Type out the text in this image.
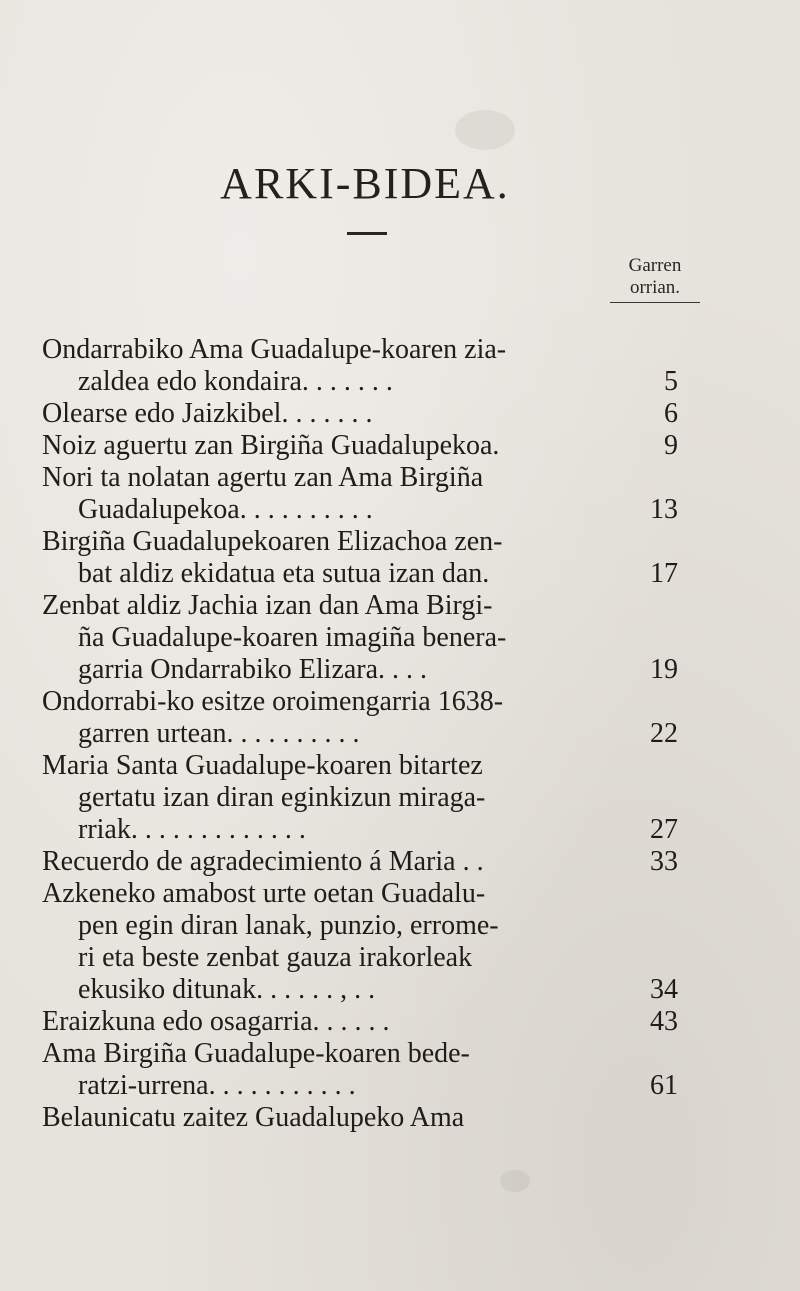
ARKI-BIDEA.
Garren
orrian.
Ondarrabiko Ama Guadalupe-koaren zia-
zaldea edo kondaira. . . . . . .	5
Olearse edo Jaizkibel. . . . . . .	6
Noiz aguertu zan Birgiña Guadalupekoa.	9
Nori ta nolatan agertu zan Ama Birgiña
Guadalupekoa. . . . . . . . . .	13
Birgiña Guadalupekoaren Elizachoa zen-
bat aldiz ekidatua eta sutua izan dan.	17
Zenbat aldiz Jachia izan dan Ama Birgi-
ña Guadalupe-koaren imagiña benera-
garria Ondarrabiko Elizara. . . .	19
Ondorrabi-ko esitze oroimengarria 1638-
garren urtean. . . . . . . . . .	22
Maria Santa Guadalupe-koaren bitartez
gertatu izan diran eginkizun miraga-
rriak. . . . . . . . . . . . .	27
Recuerdo de agradecimiento á Maria . .	33
Azkeneko amabost urte oetan Guadalu-
pen egin diran lanak, punzio, errome-
ri eta beste zenbat gauza irakorleak
ekusiko ditunak. . . . . . , . .	34
Eraizkuna edo osagarria. . . . . .	43
Ama Birgiña Guadalupe-koaren bede-
ratzi-urrena. . . . . . . . . . .	61
Belaunicatu zaitez Guadalupeko Ama
